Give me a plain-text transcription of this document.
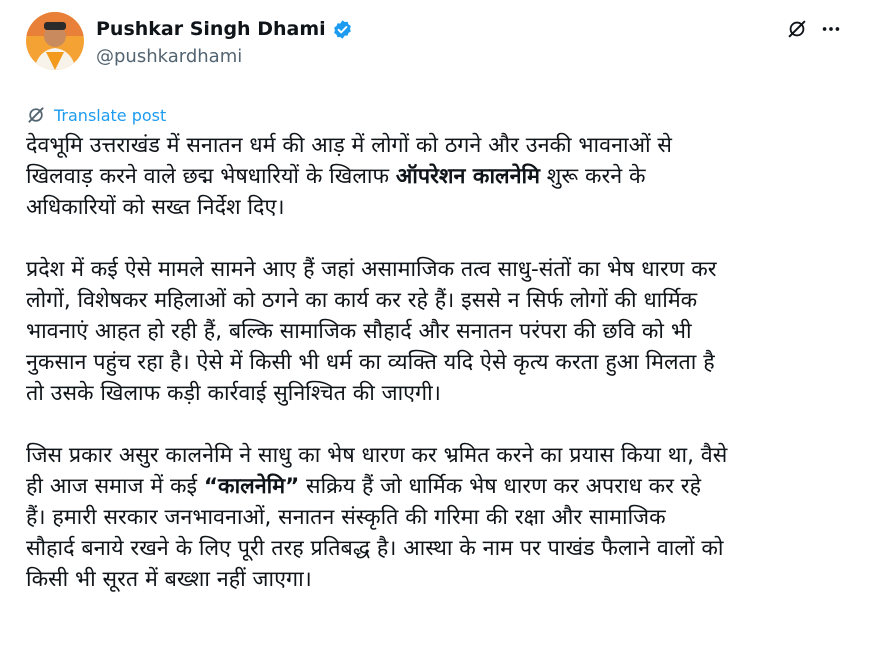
Pushkar Singh Dhami
@pushkardhami
Translate post
देवभूमि उत्तराखंड में सनातन धर्म की आड़ में लोगों को ठगने और उनकी भावनाओं से
खिलवाड़ करने वाले छद्म भेषधारियों के खिलाफ ऑपरेशन कालनेमि शुरू करने के
अधिकारियों को सख्त निर्देश दिए।
प्रदेश में कई ऐसे मामले सामने आए हैं जहां असामाजिक तत्व साधु-संतों का भेष धारण कर
लोगों, विशेषकर महिलाओं को ठगने का कार्य कर रहे हैं। इससे न सिर्फ लोगों की धार्मिक
भावनाएं आहत हो रही हैं, बल्कि सामाजिक सौहार्द और सनातन परंपरा की छवि को भी
नुकसान पहुंच रहा है। ऐसे में किसी भी धर्म का व्यक्ति यदि ऐसे कृत्य करता हुआ मिलता है
तो उसके खिलाफ कड़ी कार्रवाई सुनिश्चित की जाएगी।
जिस प्रकार असुर कालनेमि ने साधु का भेष धारण कर भ्रमित करने का प्रयास किया था, वैसे
ही आज समाज में कई “कालनेमि” सक्रिय हैं जो धार्मिक भेष धारण कर अपराध कर रहे
हैं। हमारी सरकार जनभावनाओं, सनातन संस्कृति की गरिमा की रक्षा और सामाजिक
सौहार्द बनाये रखने के लिए पूरी तरह प्रतिबद्ध है। आस्था के नाम पर पाखंड फैलाने वालों को
किसी भी सूरत में बख्शा नहीं जाएगा।
